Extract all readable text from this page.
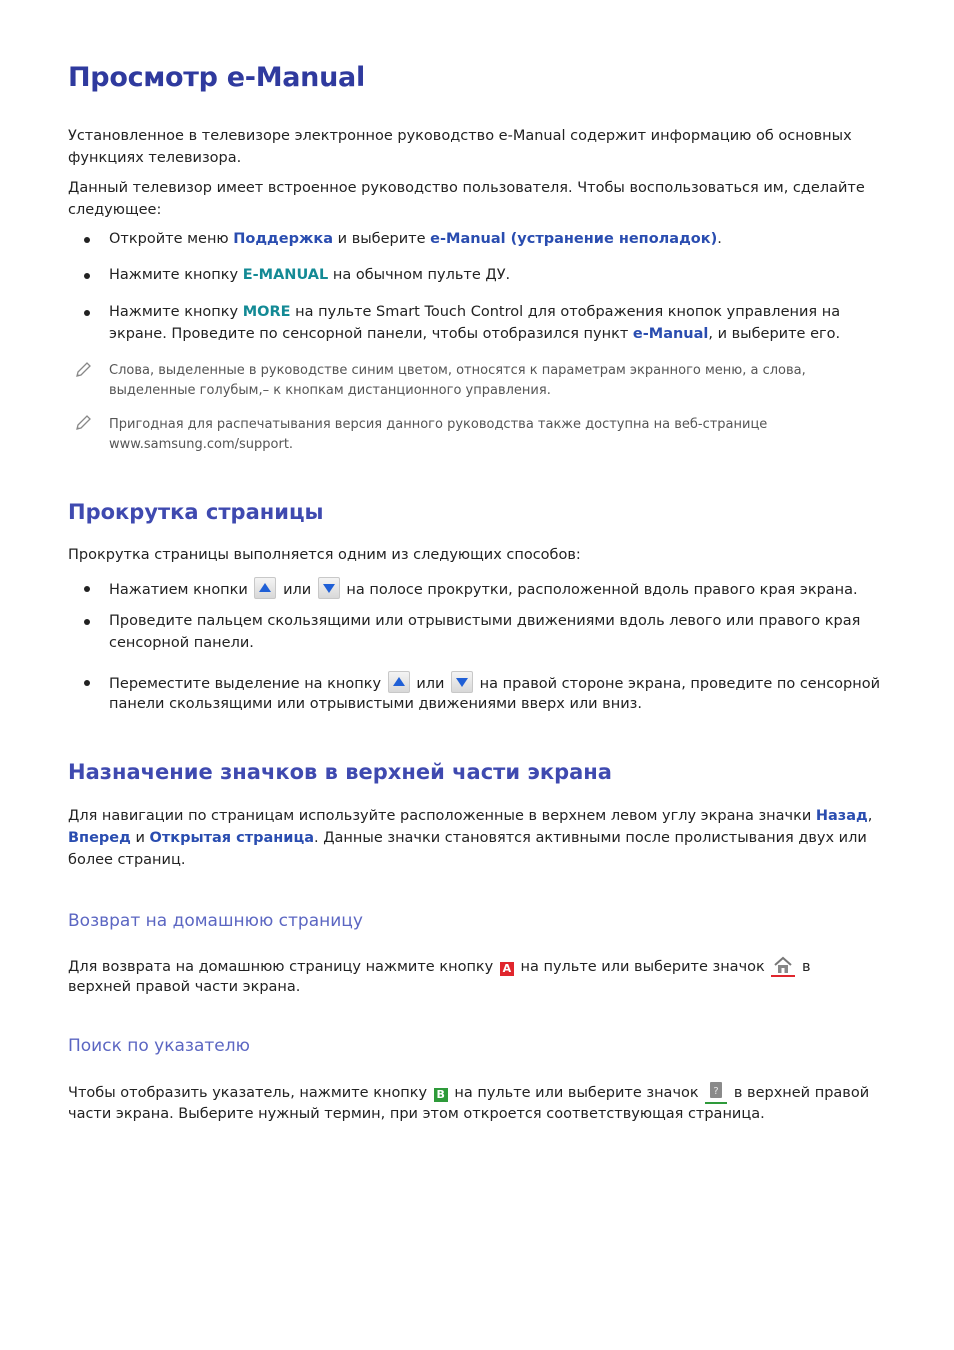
Просмотр e-Manual
Установленное в телевизоре электронное руководство e-Manual содержит информацию об основных функциях телевизора.
Данный телевизор имеет встроенное руководство пользователя. Чтобы воспользоваться им, сделайте следующее:
Откройте меню Поддержка и выберите e-Manual (устранение неполадок).
Нажмите кнопку E-MANUAL на обычном пульте ДУ.
Нажмите кнопку MORE на пульте Smart Touch Control для отображения кнопок управления на экране. Проведите по сенсорной панели, чтобы отобразился пункт e-Manual, и выберите его.
Слова, выделенные в руководстве синим цветом, относятся к параметрам экранного меню, а слова, выделенные голубым,– к кнопкам дистанционного управления.
Пригодная для распечатывания версия данного руководства также доступна на веб-странице www.samsung.com/support.
Прокрутка страницы
Прокрутка страницы выполняется одним из следующих способов:
Нажатием кнопки или на полосе прокрутки, расположенной вдоль правого края экрана.
Проведите пальцем скользящими или отрывистыми движениями вдоль левого или правого края сенсорной панели.
Переместите выделение на кнопку или на правой стороне экрана, проведите по сенсорной панели скользящими или отрывистыми движениями вверх или вниз.
Назначение значков в верхней части экрана
Для навигации по страницам используйте расположенные в верхнем левом углу экрана значки Назад, Вперед и Открытая страница. Данные значки становятся активными после пролистывания двух или более страниц.
Возврат на домашнюю страницу
Для возврата на домашнюю страницу нажмите кнопку A на пульте или выберите значок	в верхней правой части экрана.
Поиск по указателю
Чтобы отобразить указатель, нажмите кнопку B на пульте или выберите значок ? в верхней правой части экрана. Выберите нужный термин, при этом откроется соответствующая страница.
